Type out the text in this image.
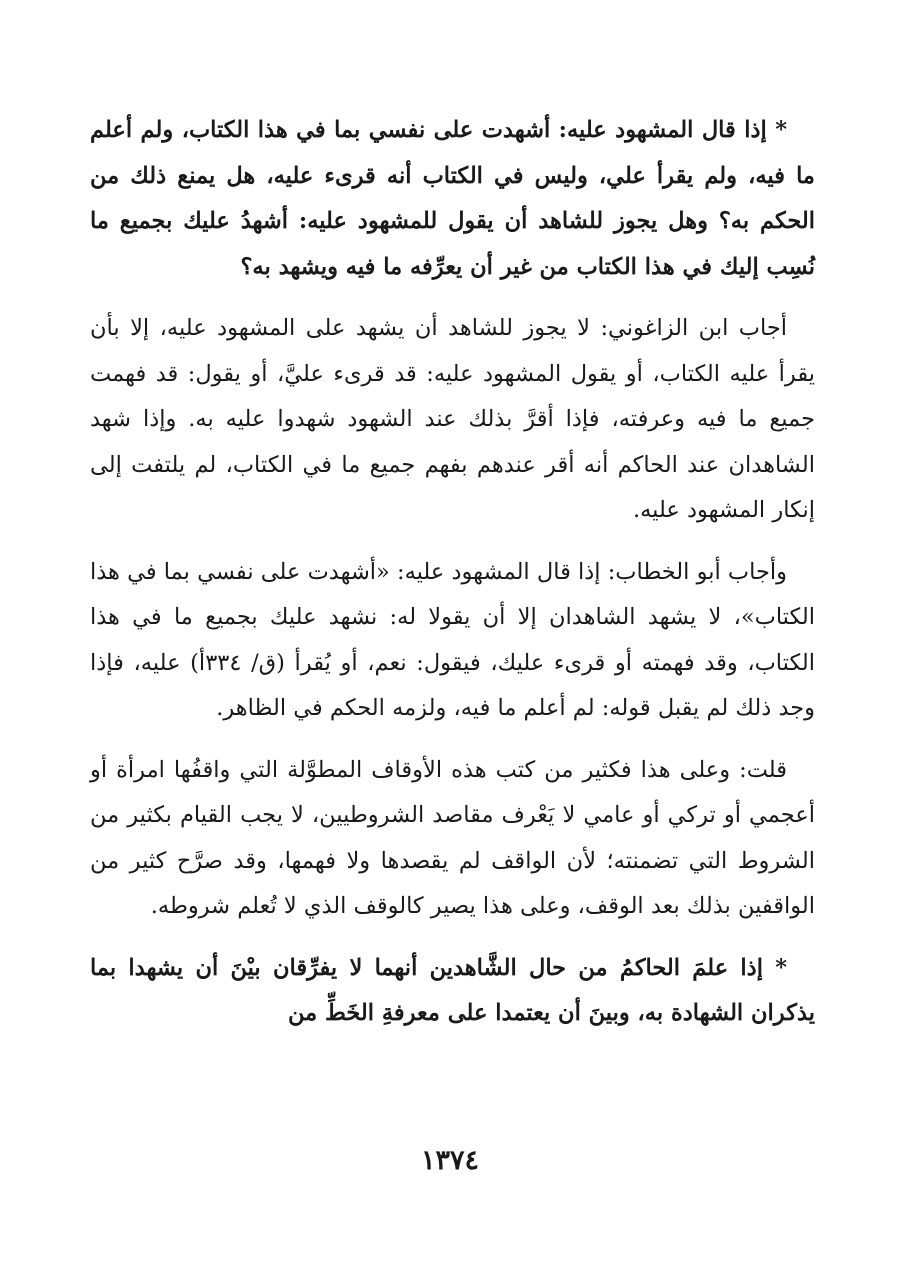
* إذا قال المشهود عليه: أشهدت على نفسي بما في هذا الكتاب، ولم أعلم ما فيه، ولم يقرأ علي، وليس في الكتاب أنه قرىء عليه، هل يمنع ذلك من الحكم به؟ وهل يجوز للشاهد أن يقول للمشهود عليه: أشهدُ عليك بجميع ما نُسِب إليك في هذا الكتاب من غير أن يعرِّفه ما فيه ويشهد به؟

أجاب ابن الزاغوني: لا يجوز للشاهد أن يشهد على المشهود عليه، إلا بأن يقرأ عليه الكتاب، أو يقول المشهود عليه: قد قرىء عليَّ، أو يقول: قد فهمت جميع ما فيه وعرفته، فإذا أقرَّ بذلك عند الشهود شهدوا عليه به. وإذا شهد الشاهدان عند الحاكم أنه أقر عندهم بفهم جميع ما في الكتاب، لم يلتفت إلى إنكار المشهود عليه.

وأجاب أبو الخطاب: إذا قال المشهود عليه: «أشهدت على نفسي بما في هذا الكتاب»، لا يشهد الشاهدان إلا أن يقولا له: نشهد عليك بجميع ما في هذا الكتاب، وقد فهمته أو قرىء عليك، فيقول: نعم، أو يُقرأ (ق/ ٣٣٤أ) عليه، فإذا وجد ذلك لم يقبل قوله: لم أعلم ما فيه، ولزمه الحكم في الظاهر.

قلت: وعلى هذا فكثير من كتب هذه الأوقاف المطوَّلة التي واقفُها امرأة أو أعجمي أو تركي أو عامي لا يَعْرف مقاصد الشروطيين، لا يجب القيام بكثير من الشروط التي تضمنته؛ لأن الواقف لم يقصدها ولا فهمها، وقد صرَّح كثير من الواقفين بذلك بعد الوقف، وعلى هذا يصير كالوقف الذي لا تُعلم شروطه.

* إذا علمَ الحاكمُ من حال الشَّاهدين أنهما لا يفرِّقان بيْنَ أن يشهدا بما يذكران الشهادة به، وبينَ أن يعتمدا على معرفةِ الخَطِّ من

١٣٧٤
